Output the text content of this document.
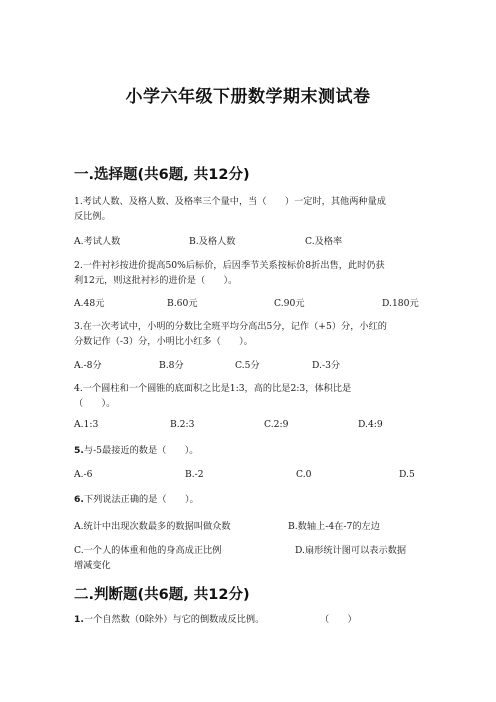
小学六年级下册数学期末测试卷
一.选择题(共6题, 共12分)
1.考试人数、及格人数、及格率三个量中，当（　　）一定时，其他两种量成
反比例。
A.考试人数	B.及格人数	C.及格率
2.一件衬衫按进价提高50%后标价，后因季节关系按标价8折出售，此时仍获
利12元，则这批衬衫的进价是（　　）。
A.48元	B.60元	C.90元	D.180元
3.在一次考试中，小明的分数比全班平均分高出5分，记作（+5）分，小红的
分数记作（-3）分，小明比小红多（　　）。
A.-8分	B.8分	C.5分	D.-3分
4.一个圆柱和一个圆锥的底面积之比是1:3，高的比是2:3，体积比是
（　　）。
A.1:3	B.2:3	C.2:9	D.4:9
5.与-5最接近的数是（　　）。
A.-6	B.-2	C.0	D.5
6.下列说法正确的是（　　）。
A.统计中出现次数最多的数据叫做众数	B.数轴上-4在-7的左边
C.一个人的体重和他的身高成正比例	D.扇形统计图可以表示数据
增减变化
二.判断题(共6题, 共12分)
1.一个自然数（0除外）与它的倒数成反比例。	（　　）
